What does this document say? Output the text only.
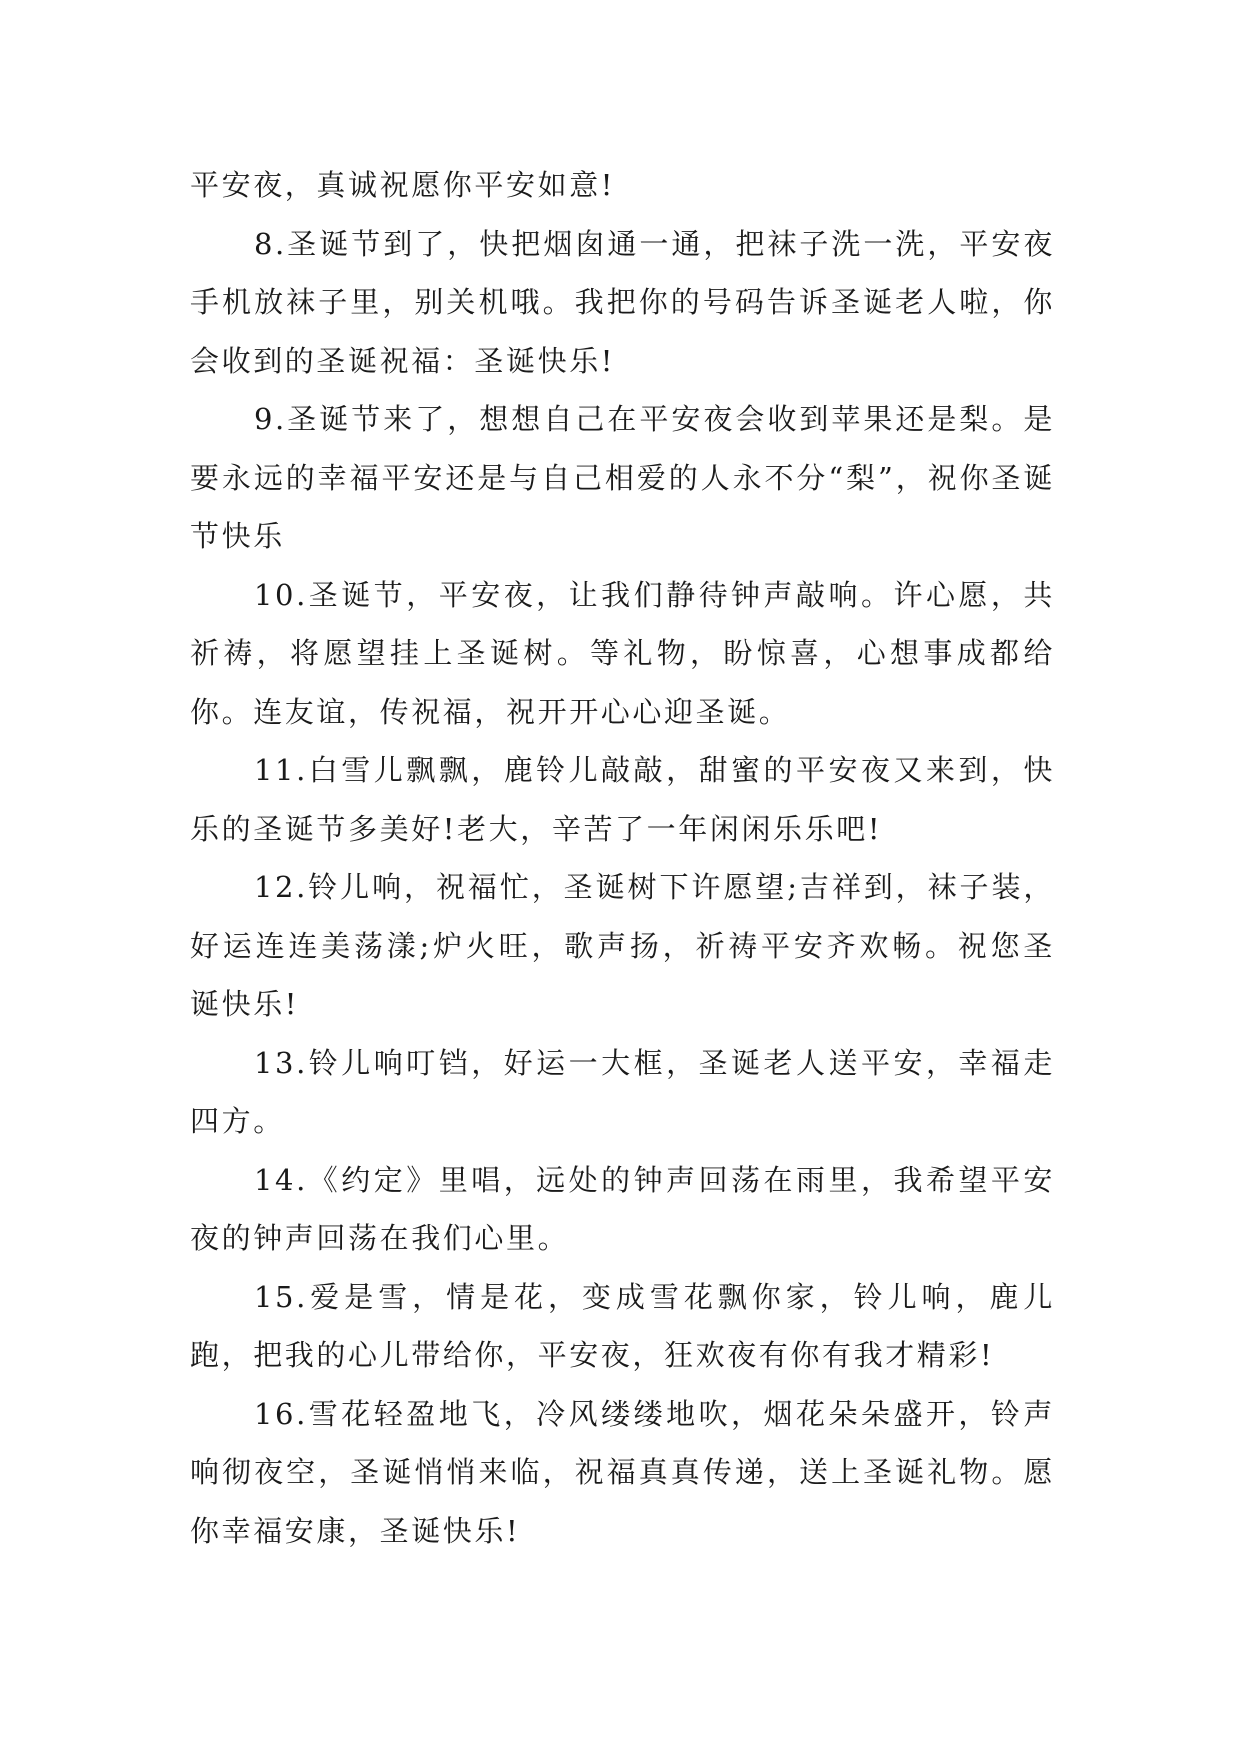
平安夜，真诚祝愿你平安如意!

8.圣诞节到了，快把烟囱通一通，把袜子洗一洗，平安夜手机放袜子里，别关机哦。我把你的号码告诉圣诞老人啦，你会收到的圣诞祝福：圣诞快乐!

9.圣诞节来了，想想自己在平安夜会收到苹果还是梨。是要永远的幸福平安还是与自己相爱的人永不分“梨”，祝你圣诞节快乐

10.圣诞节，平安夜，让我们静待钟声敲响。许心愿，共祈祷，将愿望挂上圣诞树。等礼物，盼惊喜，心想事成都给你。连友谊，传祝福，祝开开心心迎圣诞。

11.白雪儿飘飘，鹿铃儿敲敲，甜蜜的平安夜又来到，快乐的圣诞节多美好!老大，辛苦了一年闲闲乐乐吧!

12.铃儿响，祝福忙，圣诞树下许愿望;吉祥到，袜子装，好运连连美荡漾;炉火旺，歌声扬，祈祷平安齐欢畅。祝您圣诞快乐!

13.铃儿响叮铛，好运一大框，圣诞老人送平安，幸福走四方。

14.《约定》里唱，远处的钟声回荡在雨里，我希望平安夜的钟声回荡在我们心里。

15.爱是雪，情是花，变成雪花飘你家，铃儿响，鹿儿跑，把我的心儿带给你，平安夜，狂欢夜有你有我才精彩!

16.雪花轻盈地飞，冷风缕缕地吹，烟花朵朵盛开，铃声响彻夜空，圣诞悄悄来临，祝福真真传递，送上圣诞礼物。愿你幸福安康，圣诞快乐!
